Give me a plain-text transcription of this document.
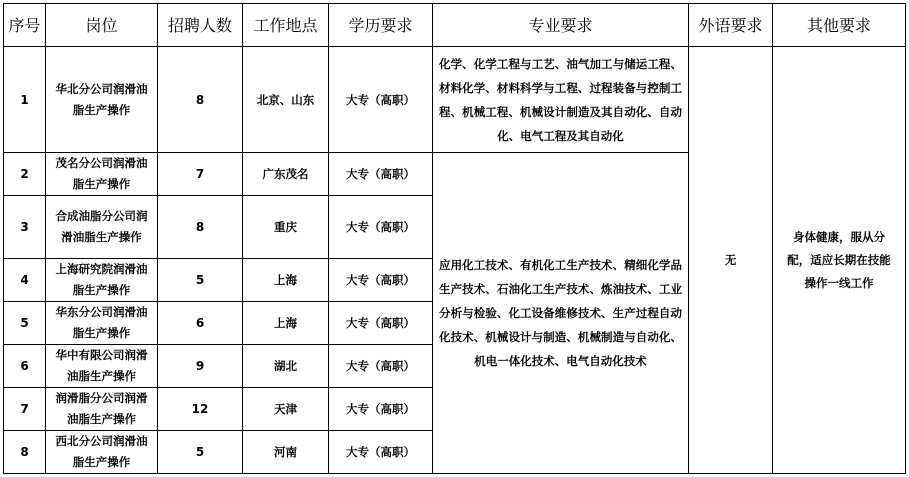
序号	岗位	招聘人数	工作地点	学历要求	专业要求	外语要求	其他要求
1	华北分公司润滑油脂生产操作	8	北京、山东	大专（高职）	化学、化学工程与工艺、油气加工与储运工程、材料化学、材料科学与工程、过程装备与控制工程、机械工程、机械设计制造及其自动化、自动化、电气工程及其自动化	无	身体健康，服从分配，适应长期在技能操作一线工作
2	茂名分公司润滑油脂生产操作	7	广东茂名	大专（高职）	应用化工技术、有机化工生产技术、精细化学品生产技术、石油化工生产技术、炼油技术、工业分析与检验、化工设备维修技术、生产过程自动化技术、机械设计与制造、机械制造与自动化、机电一体化技术、电气自动化技术		
3	合成油脂分公司润滑油脂生产操作	8	重庆	大专（高职）			
4	上海研究院润滑油脂生产操作	5	上海	大专（高职）			
5	华东分公司润滑油脂生产操作	6	上海	大专（高职）			
6	华中有限公司润滑油脂生产操作	9	湖北	大专（高职）			
7	润滑脂分公司润滑油脂生产操作	12	天津	大专（高职）			
8	西北分公司润滑油脂生产操作	5	河南	大专（高职）			
